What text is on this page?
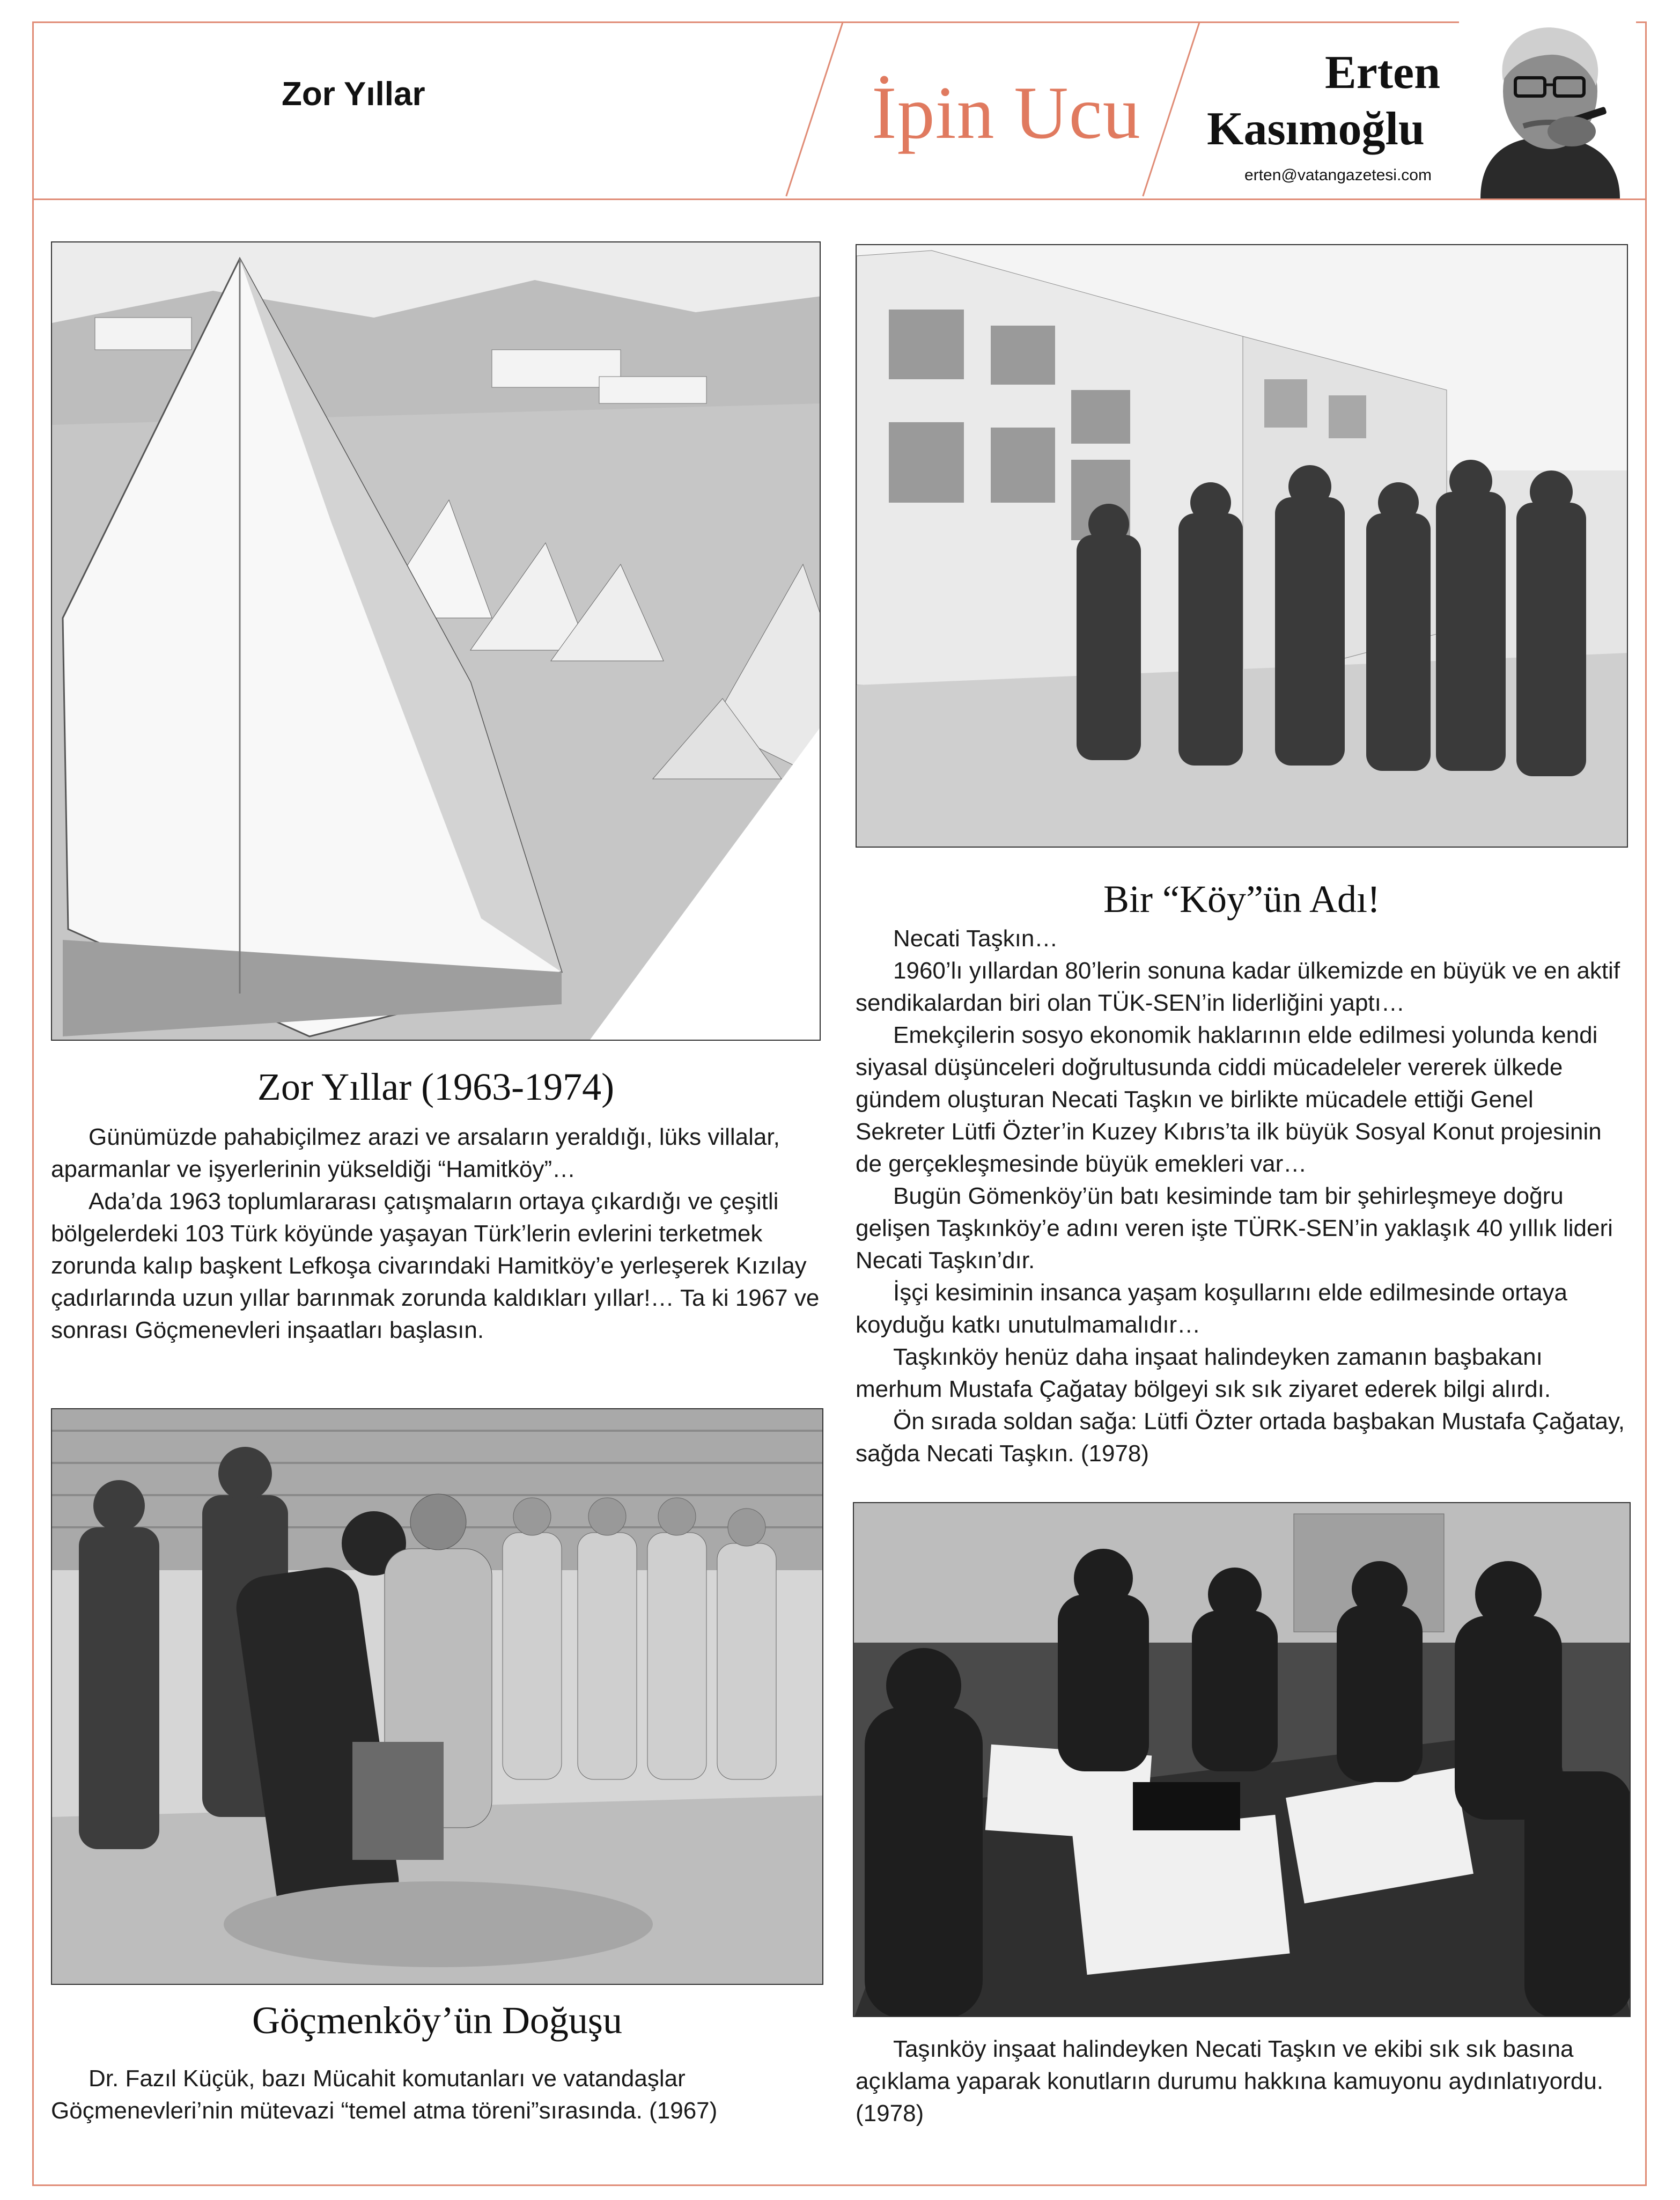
Zor Yıllar	İpin Ucu	Erten
Kasımoğlu
erten@vatangazetesi.com
Zor Yıllar (1963-1974)

Günümüzde pahabiçilmez arazi ve arsaların yeraldığı, lüks villalar, aparmanlar ve işyerlerinin yükseldiği “Hamitköy”…

Ada’da 1963 toplumlararası çatışmaların ortaya çıkardığı ve çeşitli bölgelerdeki 103 Türk köyünde yaşayan Türk’lerin evlerini terketmek zorunda kalıp başkent Lefkoşa civarındaki Hamitköy’e yerleşerek Kızılay çadırlarında uzun yıllar barınmak zorunda kaldıkları yıllar!… Ta ki 1967 ve sonrası Göçmenevleri inşaatları başlasın.

Bir “Köy”ün Adı!

Necati Taşkın…

1960’lı yıllardan 80’lerin sonuna kadar ülkemizde en büyük ve en aktif sendikalardan biri olan TÜK-SEN’in liderliğini yaptı…

Emekçilerin sosyo ekonomik haklarının elde edilmesi yolunda kendi siyasal düşünceleri doğrultusunda ciddi mücadeleler vererek ülkede gündem oluşturan Necati Taşkın ve birlikte mücadele ettiği Genel Sekreter Lütfi Özter’in Kuzey Kıbrıs’ta ilk büyük Sosyal Konut projesinin de gerçekleşmesinde büyük emekleri var…

Bugün Gömenköy’ün batı kesiminde tam bir şehirleşmeye doğru gelişen Taşkınköy’e adını veren işte TÜRK-SEN’in yaklaşık 40 yıllık lideri Necati Taşkın’dır.

İşçi kesiminin insanca yaşam koşullarını elde edilmesinde ortaya koyduğu katkı unutulmamalıdır…

Taşkınköy henüz daha inşaat halindeyken zamanın başbakanı merhum Mustafa Çağatay bölgeyi sık sık ziyaret ederek bilgi alırdı.

Ön sırada soldan sağa: Lütfi Özter ortada başbakan Mustafa Çağatay, sağda Necati Taşkın. (1978)

Göçmenköy’ün Doğuşu

Dr. Fazıl Küçük, bazı Mücahit komutanları ve vatandaşlar Göçmenevleri’nin mütevazi “temel atma töreni”sırasında. (1967)

Taşınköy inşaat halindeyken Necati Taşkın ve ekibi sık sık basına açıklama yaparak konutların durumu hakkına kamuyonu aydınlatıyordu. (1978)
